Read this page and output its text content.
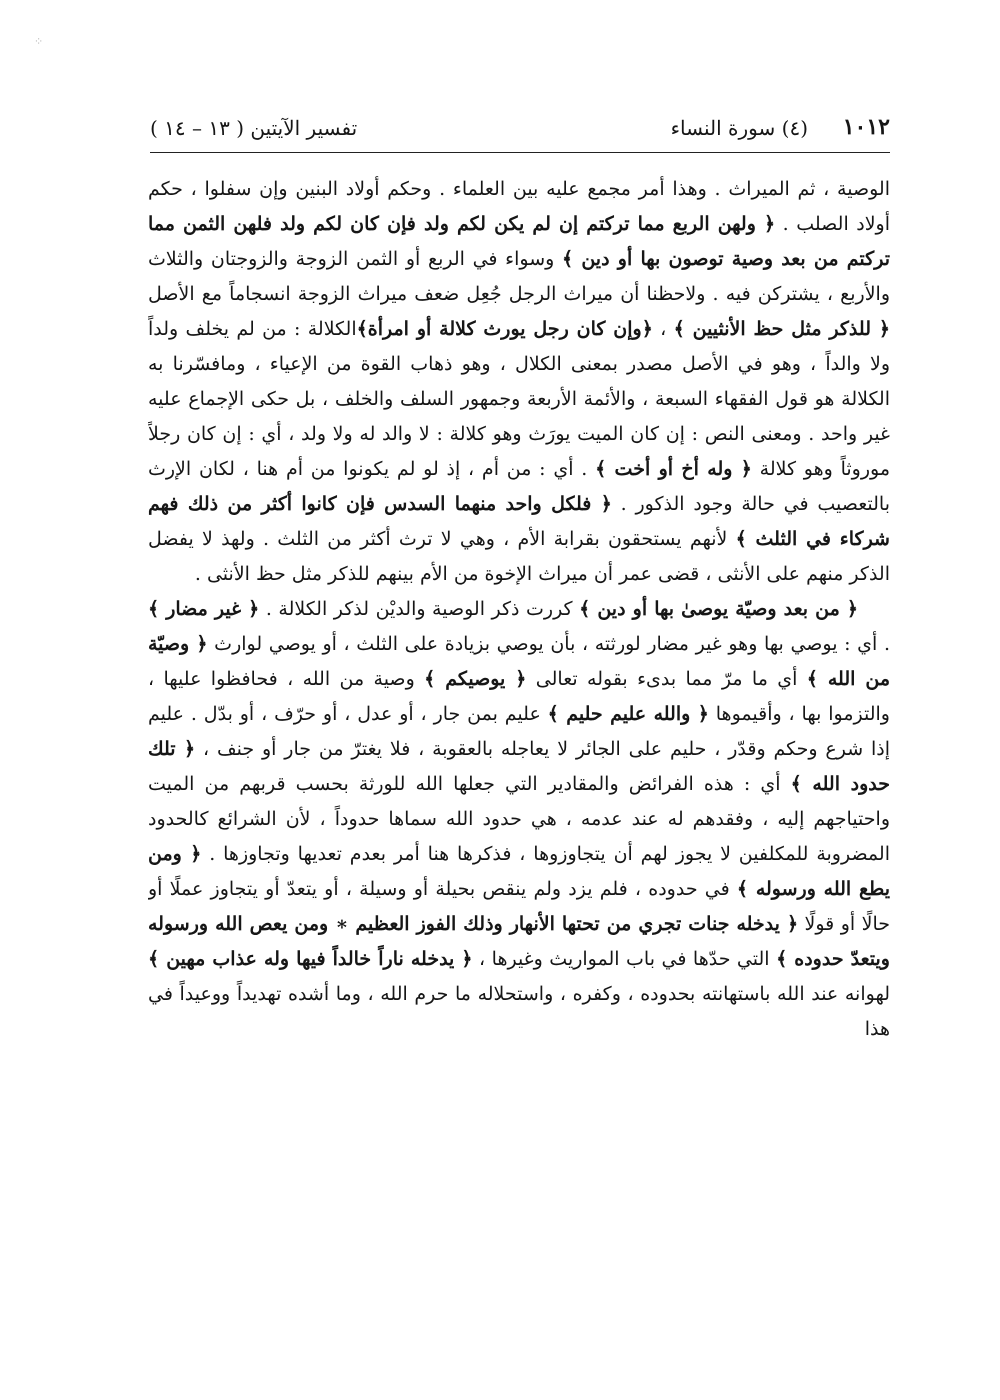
⁘
١٠١٢
(٤) سورة النساء
تفسير الآيتين ( ١٣ – ١٤ )

الوصية ، ثم الميراث . وهذا أمر مجمع عليه بين العلماء . وحكم أولاد البنين وإن سفلوا ، حكم أولاد الصلب . ﴿ ولهن الربع مما تركتم إن لم يكن لكم ولد فإن كان لكم ولد فلهن الثمن مما تركتم من بعد وصية توصون بها أو دين ﴾ وسواء في الربع أو الثمن الزوجة والزوجتان والثلاث والأربع ، يشتركن فيه . ولاحظنا أن ميراث الرجل جُعِل ضعف ميراث الزوجة انسجاماً مع الأصل ﴿ للذكر مثل حظ الأنثيين ﴾ ، ﴿وإن كان رجل يورث كلالة أو امرأة﴾الكلالة : من لم يخلف ولداً ولا والداً ، وهو في الأصل مصدر بمعنى الكلال ، وهو ذهاب القوة من الإعياء ، ومافسّرنا به الكلالة هو قول الفقهاء السبعة ، والأئمة الأربعة وجمهور السلف والخلف ، بل حكى الإجماع عليه غير واحد . ومعنى النص : إن كان الميت يورَث وهو كلالة : لا والد له ولا ولد ، أي : إن كان رجلاً موروثاً وهو كلالة ﴿ وله أخ أو أخت ﴾ . أي : من أم ، إذ لو لم يكونوا من أم هنا ، لكان الإرث بالتعصيب في حالة وجود الذكور . ﴿ فلكل واحد منهما السدس فإن كانوا أكثر من ذلك فهم شركاء في الثلث ﴾ لأنهم يستحقون بقرابة الأم ، وهي لا ترث أكثر من الثلث . ولهذ لا يفضل الذكر منهم على الأنثى ، قضى عمر أن ميراث الإخوة من الأم بينهم للذكر مثل حظ الأنثى .

﴿ من بعد وصيّة يوصىٰ بها أو دين ﴾ كررت ذكر الوصية والديْن لذكر الكلالة . ﴿ غير مضار ﴾ . أي : يوصي بها وهو غير مضار لورثته ، بأن يوصي بزيادة على الثلث ، أو يوصي لوارث ﴿ وصيّة من الله ﴾ أي ما مرّ مما بدىء بقوله تعالى ﴿ يوصيكم ﴾ وصية من الله ، فحافظوا عليها ، والتزموا بها ، وأقيموها ﴿ والله عليم حليم ﴾ عليم بمن جار ، أو عدل ، أو حرّف ، أو بدّل . عليم إذا شرع وحكم وقدّر ، حليم على الجائر لا يعاجله بالعقوبة ، فلا يغترّ من جار أو جنف ، ﴿ تلك حدود الله ﴾ أي : هذه الفرائض والمقادير التي جعلها الله للورثة بحسب قربهم من الميت واحتياجهم إليه ، وفقدهم له عند عدمه ، هي حدود الله سماها حدوداً ، لأن الشرائع كالحدود المضروبة للمكلفين لا يجوز لهم أن يتجاوزوها ، فذكرها هنا أمر بعدم تعديها وتجاوزها . ﴿ ومن يطع الله ورسوله ﴾ في حدوده ، فلم يزد ولم ينقص بحيلة أو وسيلة ، أو يتعدّ أو يتجاوز عملًا أو حالًا أو قولًا ﴿ يدخله جنات تجري من تحتها الأنهار وذلك الفوز العظيم ∗ ومن يعص الله ورسوله ويتعدّ حدوده ﴾ التي حدّها في باب المواريث وغيرها ، ﴿ يدخله ناراً خالداً فيها وله عذاب مهين ﴾ لهوانه عند الله باستهانته بحدوده ، وكفره ، واستحلاله ما حرم الله ، وما أشده تهديداً ووعيداً في هذا
